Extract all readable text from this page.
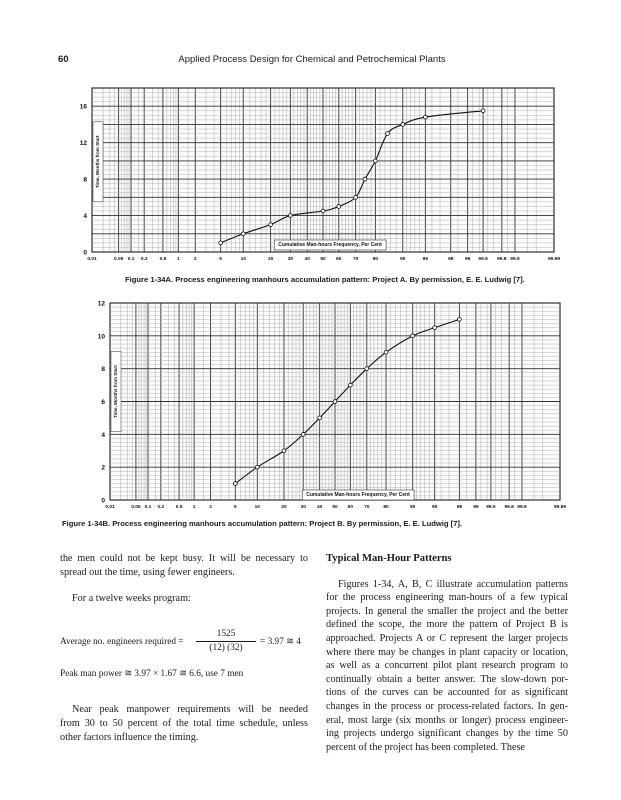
60	Applied Process Design for Chemical and Petrochemical Plants
0.01	0.05 0.1 0.2	0.5 1	2	5	10	20	30 40 50 60 70	80	90	95	98 99 99.5 99.8 99.9	99.99
4
8
12
16
0
Time, Months from Start
Cumulative Man-hours Frequency, Per Cent
Figure 1-34A. Process engineering manhours accumulation pattern: Project A. By permission, E. E. Ludwig [7].
0.01	0.05 0.1 0.2 0.5 1	2	5	10	20	30 40 50 60 70	80	90	95	98 99 99.5 99.8 99.9	99.99
2
4
6
8
10
12
0
Time, Months from Start
Cumulative Man-hours Frequency, Per Cent
Figure 1-34B. Process engineering manhours accumulation pattern: Project B. By permission, E. E. Ludwig [7].

the men could not be kept busy. It will be necessary to

spread out the time, using fewer engineers.

For a twelve weeks program:

Average no. engineers required = $\frac{1525}{(12) (32)} = 3.97$ ≅ 4

Peak man power ≅ 3.97 × 1.67 ≅ 6.6, use 7 men

Near peak manpower requirements will be needed

from 30 to 50 percent of the total time schedule, unless

other factors influence the timing.

Typical Man-Hour Patterns

Figures 1-34, A, B, C illustrate accumulation patterns

for the process engineering man-hours of a few typical

projects. In general the smaller the project and the better

defined the scope, the more the pattern of Project B is

approached. Projects A or C represent the larger projects

where there may be changes in plant capacity or location,

as well as a concurrent pilot plant research program to

continually obtain a better answer. The slow-down por-

tions of the curves can be accounted for as significant

changes in the process or process-related factors. In gen-

eral, most large (six months or longer) process engineer-

ing projects undergo significant changes by the time 50

percent of the project has been completed. These
